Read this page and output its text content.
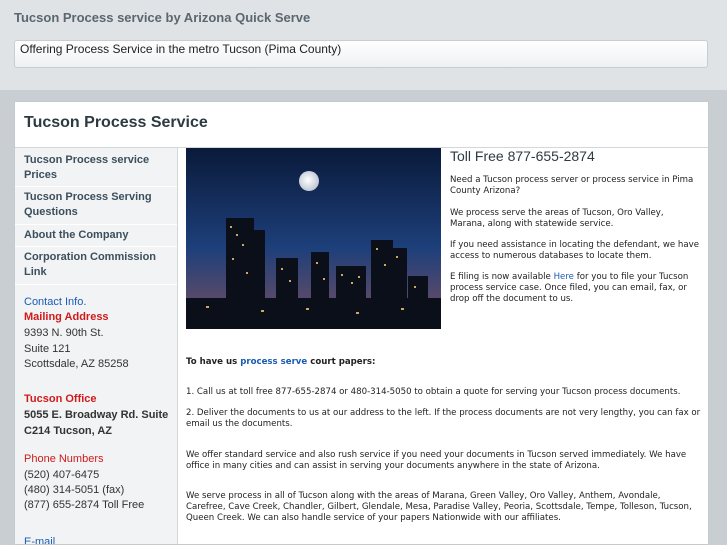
Tucson Process service by Arizona Quick Serve
Offering Process Service in the metro Tucson (Pima County)
Tucson Process Service
Tucson Process service Prices
Tucson Process Serving Questions
About the Company
Corporation Commission Link
Contact Info.
Mailing Address
9393 N. 90th St.
Suite 121
Scottsdale, AZ 85258
Tucson Office
5055 E. Broadway Rd. Suite
C214 Tucson, AZ
Phone Numbers
(520) 407-6475
(480) 314-5051 (fax)
(877) 655-2874 Toll Free
E-mail
Toll Free 877-655-2874
Need a Tucson process server or process service in Pima County Arizona?
We process serve the areas of Tucson, Oro Valley, Marana, along with statewide service.
If you need assistance in locating the defendant, we have access to numerous databases to locate them.
E filing is now available Here for you to file your Tucson process service case. Once filed, you can email, fax, or drop off the document to us.
To have us process serve court papers:
1. Call us at toll free 877-655-2874 or 480-314-5050 to obtain a quote for serving your Tucson process documents.
2. Deliver the documents to us at our address to the left. If the process documents are not very lengthy, you can fax or email us the documents.
We offer standard service and also rush service if you need your documents in Tucson served immediately. We have office in many cities and can assist in serving your documents anywhere in the state of Arizona.
We serve process in all of Tucson along with the areas of Marana, Green Valley, Oro Valley, Anthem, Avondale, Carefree, Cave Creek, Chandler, Gilbert, Glendale, Mesa, Paradise Valley, Peoria, Scottsdale, Tempe, Tolleson, Tucson, Queen Creek. We can also handle service of your papers Nationwide with our affiliates.
